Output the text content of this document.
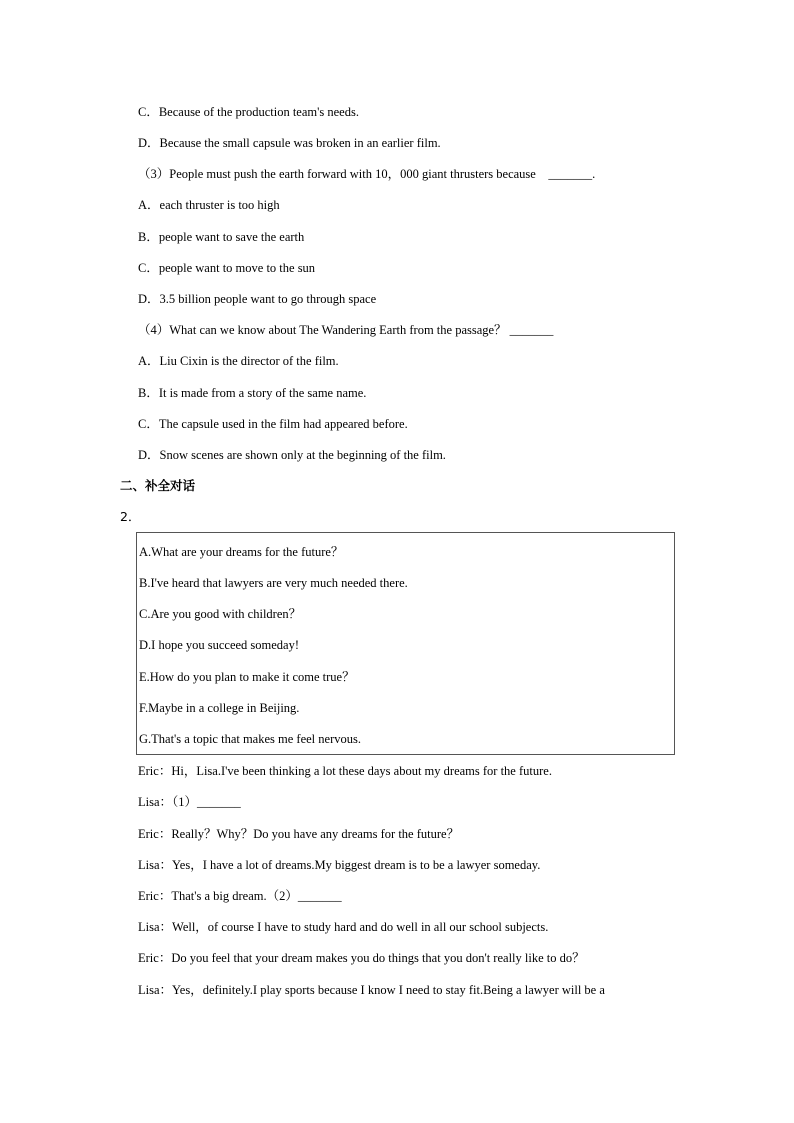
C．Because of the production team's needs.
D．Because the small capsule was broken in an earlier film.
（3）People must push the earth forward with 10，000 giant thrusters because　_______.
A．each thruster is too high
B．people want to save the earth
C．people want to move to the sun
D．3.5 billion people want to go through space
（4）What can we know about The Wandering Earth from the passage？ _______
A．Liu Cixin is the director of the film.
B．It is made from a story of the same name.
C．The capsule used in the film had appeared before.
D．Snow scenes are shown only at the beginning of the film.
二、补全对话
2．
A.What are your dreams for the future？
B.I've heard that lawyers are very much needed there.
C.Are you good with children？
D.I hope you succeed someday!
E.How do you plan to make it come true？
F.Maybe in a college in Beijing.
G.That's a topic that makes me feel nervous.
Eric：Hi，Lisa.I've been thinking a lot these days about my dreams for the future.
Lisa：（1）_______
Eric：Really？Why？Do you have any dreams for the future？
Lisa：Yes，I have a lot of dreams.My biggest dream is to be a lawyer someday.
Eric：That's a big dream.（2）_______
Lisa：Well，of course I have to study hard and do well in all our school subjects.
Eric：Do you feel that your dream makes you do things that you don't really like to do？
Lisa：Yes，definitely.I play sports because I know I need to stay fit.Being a lawyer will be a
